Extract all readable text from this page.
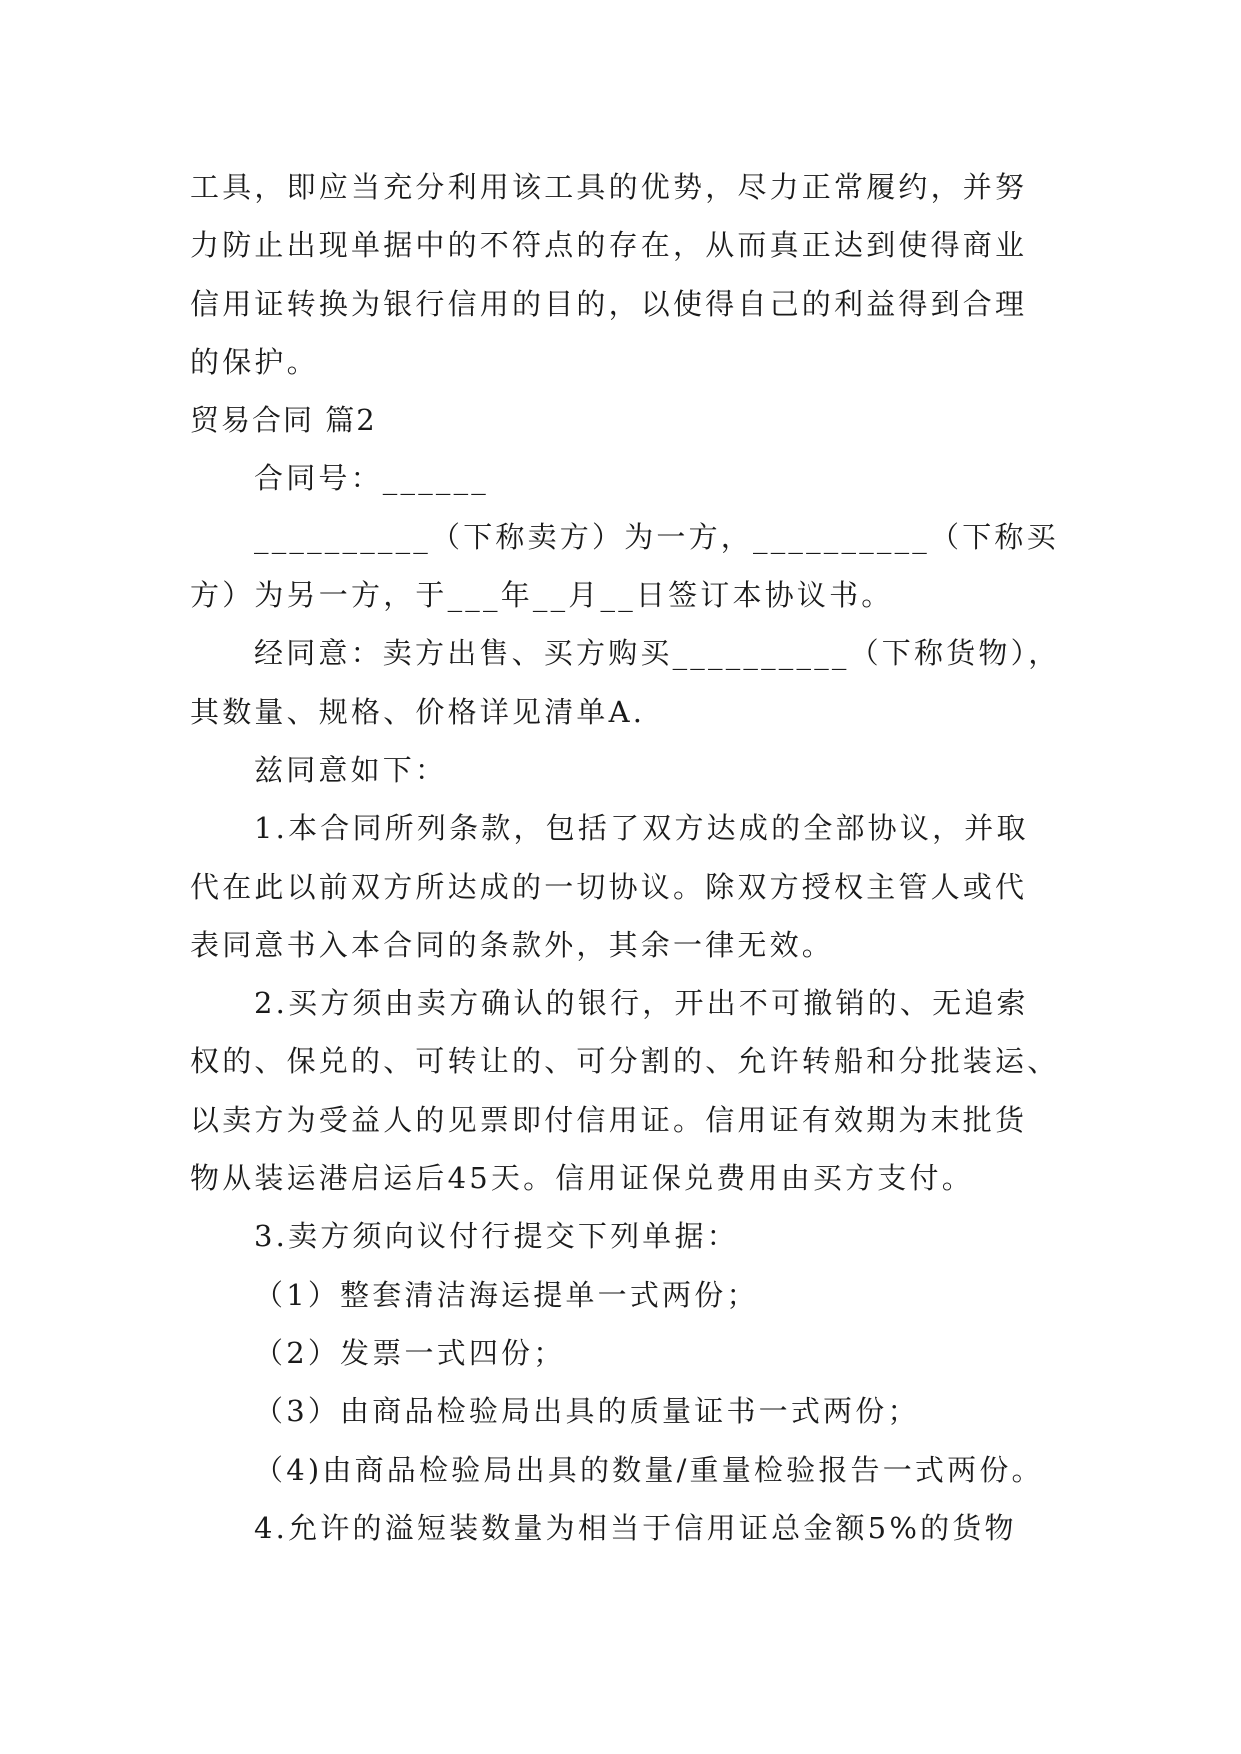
工具，即应当充分利用该工具的优势，尽力正常履约，并努
力防止出现单据中的不符点的存在，从而真正达到使得商业
信用证转换为银行信用的目的，以使得自己的利益得到合理
的保护。
贸易合同 篇2
合同号：______
__________（下称卖方）为一方，__________（下称买
方）为另一方，于___年__月__日签订本协议书。
经同意：卖方出售、买方购买__________（下称货物），
其数量、规格、价格详见清单A.
兹同意如下：
1.本合同所列条款，包括了双方达成的全部协议，并取
代在此以前双方所达成的一切协议。除双方授权主管人或代
表同意书入本合同的条款外，其余一律无效。
2.买方须由卖方确认的银行，开出不可撤销的、无追索
权的、保兑的、可转让的、可分割的、允许转船和分批装运、
以卖方为受益人的见票即付信用证。信用证有效期为末批货
物从装运港启运后45天。信用证保兑费用由买方支付。
3.卖方须向议付行提交下列单据：
（1）整套清洁海运提单一式两份；
（2）发票一式四份；
（3）由商品检验局出具的质量证书一式两份；
（4)由商品检验局出具的数量/重量检验报告一式两份。
4.允许的溢短装数量为相当于信用证总金额5%的货物
